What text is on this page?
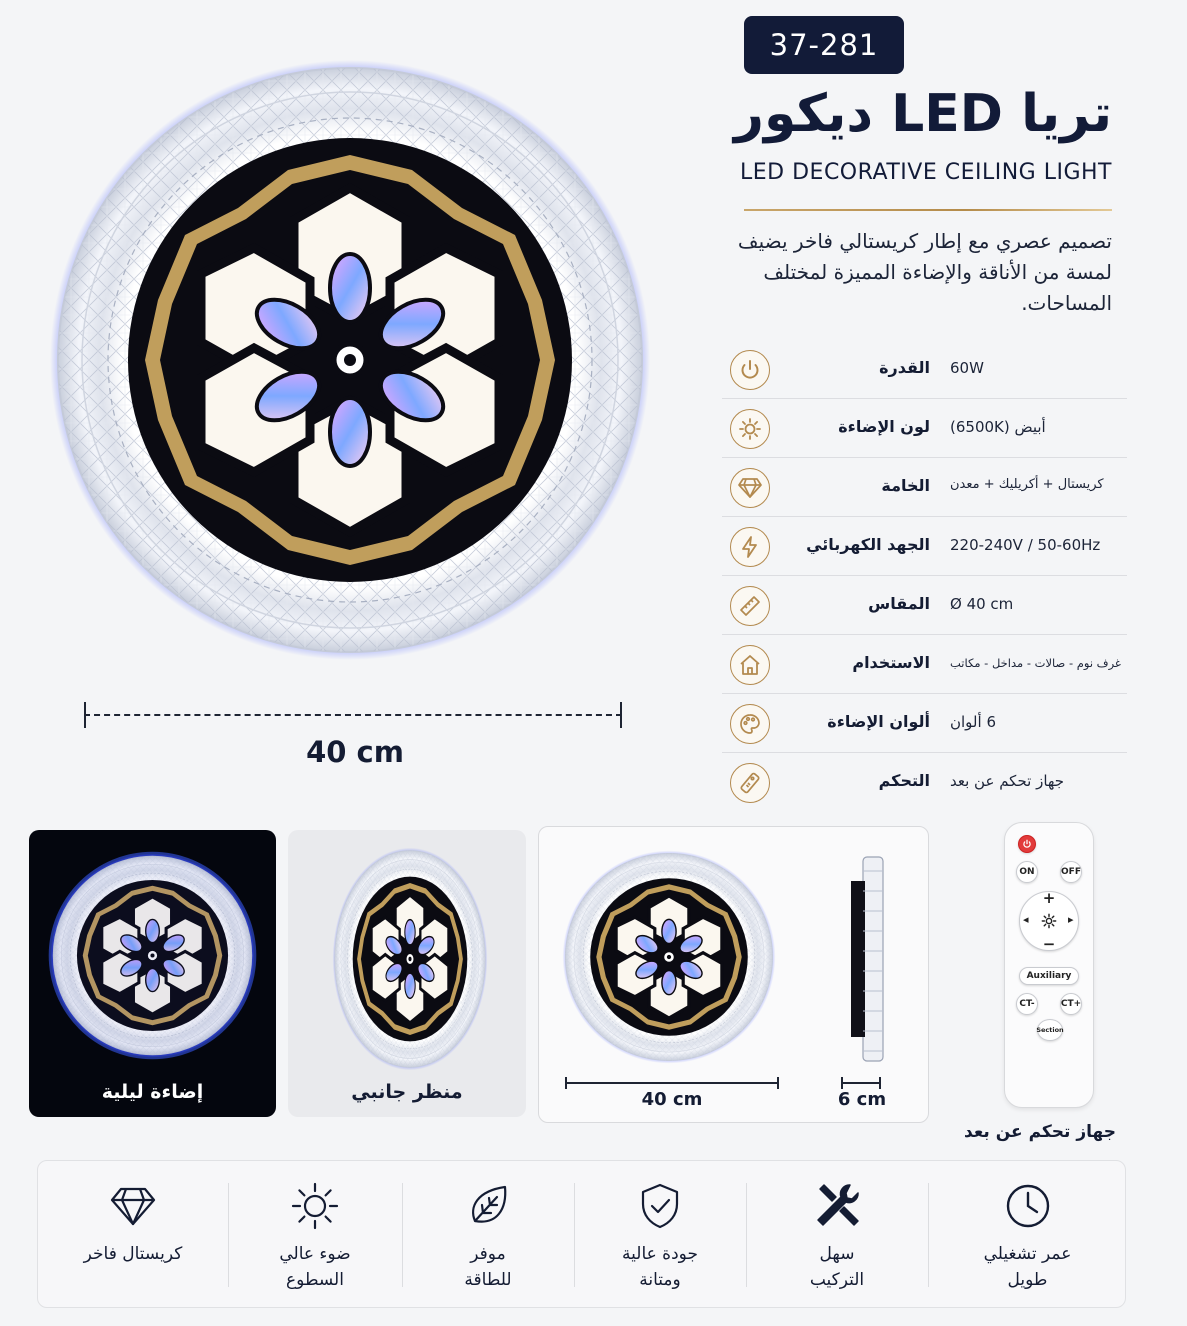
40 cm
37-281
تريا LED ديكور
LED DECORATIVE CEILING LIGHT
تصميم عصري مع إطار كريستالي فاخر يضيف لمسة من الأناقة والإضاءة المميزة لمختلف المساحات.
القدرة 60W
لون الإضاءة (6500K) أبيض
الخامة كريستال + أكريليك + معدن
الجهد الكهربائي 220-240V / 50-60Hz
المقاس Ø 40 cm
الاستخدام غرف نوم - صالات - مداخل - مكاتب
ألوان الإضاءة 6 ألوان
التحكم جهاز تحكم عن بعد
إضاءة ليلية	منظر جانبي	40 cm	6 cm
ON	OFF
+
−
◂	▸
Auxiliary
CT-	CT+
Section
جهاز تحكم عن بعد
كريستال فاخر	ضوء عالي
السطوع
موفر
للطاقة
جودة عالية
ومتانة
سهل
التركيب
عمر تشغيلي
طويل
